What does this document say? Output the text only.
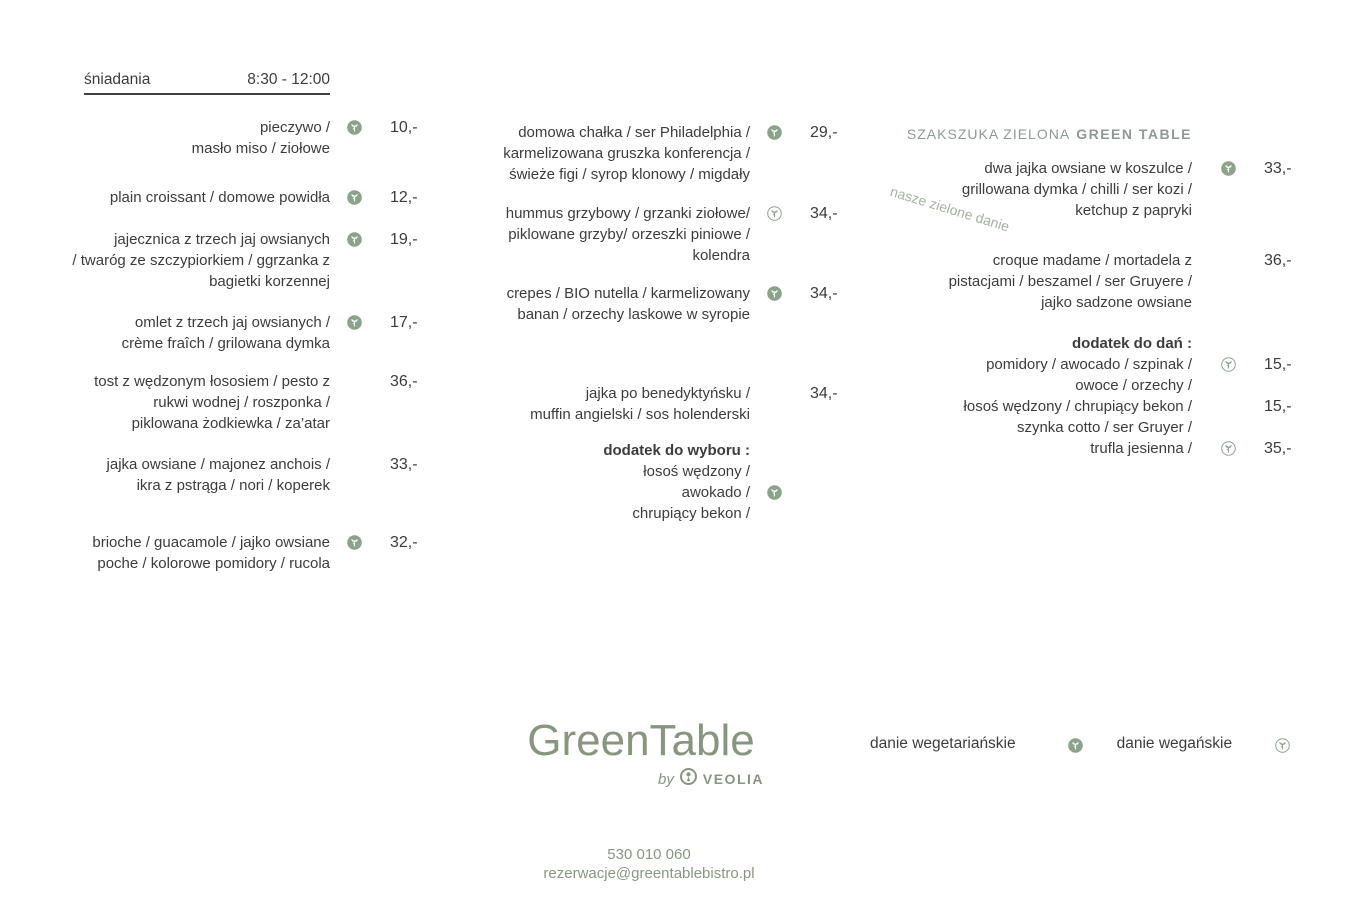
śniadania	8:30 - 12:00
pieczywo /
masło miso / ziołowe
10,-
plain croissant / domowe powidła	12,-
jajecznica z trzech jaj owsianych
/ twaróg ze szczypiorkiem / ggrzanka z
bagietki korzennej
19,-
omlet z trzech jaj owsianych /
crème fraîch / grilowana dymka
17,-
tost z wędzonym łososiem / pesto z
rukwi wodnej / roszponka /
piklowana żodkiewka / za’atar
36,-
jajka owsiane / majonez anchois /
ikra z pstrąga / nori / koperek
33,-
brioche / guacamole / jajko owsiane
poche / kolorowe pomidory / rucola
32,-
domowa chałka / ser Philadelphia /
karmelizowana gruszka konferencja /
świeże figi / syrop klonowy / migdały
29,-
hummus grzybowy / grzanki ziołowe/
piklowane grzyby/ orzeszki piniowe /
kolendra
34,-
crepes / BIO nutella / karmelizowany
banan / orzechy laskowe w syropie
34,-
jajka po benedyktyńsku /
muffin angielski / sos holenderski
34,-
dodatek do wyboru :
łosoś wędzony /
awokado /
chrupiący bekon /
dwa jajka owsiane w koszulce /
grillowana dymka / chilli / ser kozi /
ketchup z papryki
33,-
croque madame / mortadela z
pistacjami / beszamel / ser Gruyere /
jajko sadzone owsiane
36,-
dodatek do dań :
pomidory / awocado / szpinak /
owoce / orzechy /
15,-
łosoś wędzony / chrupiący bekon /
szynka cotto / ser Gruyer /
15,-
trufla jesienna /	35,-
SZAKSZUKA ZIELONA GREEN TABLE
nasze zielone danie
GreenTable
by VEOLIA
danie wegetariańskie	danie wegańskie
530 010 060
rezerwacje@greentablebistro.pl
